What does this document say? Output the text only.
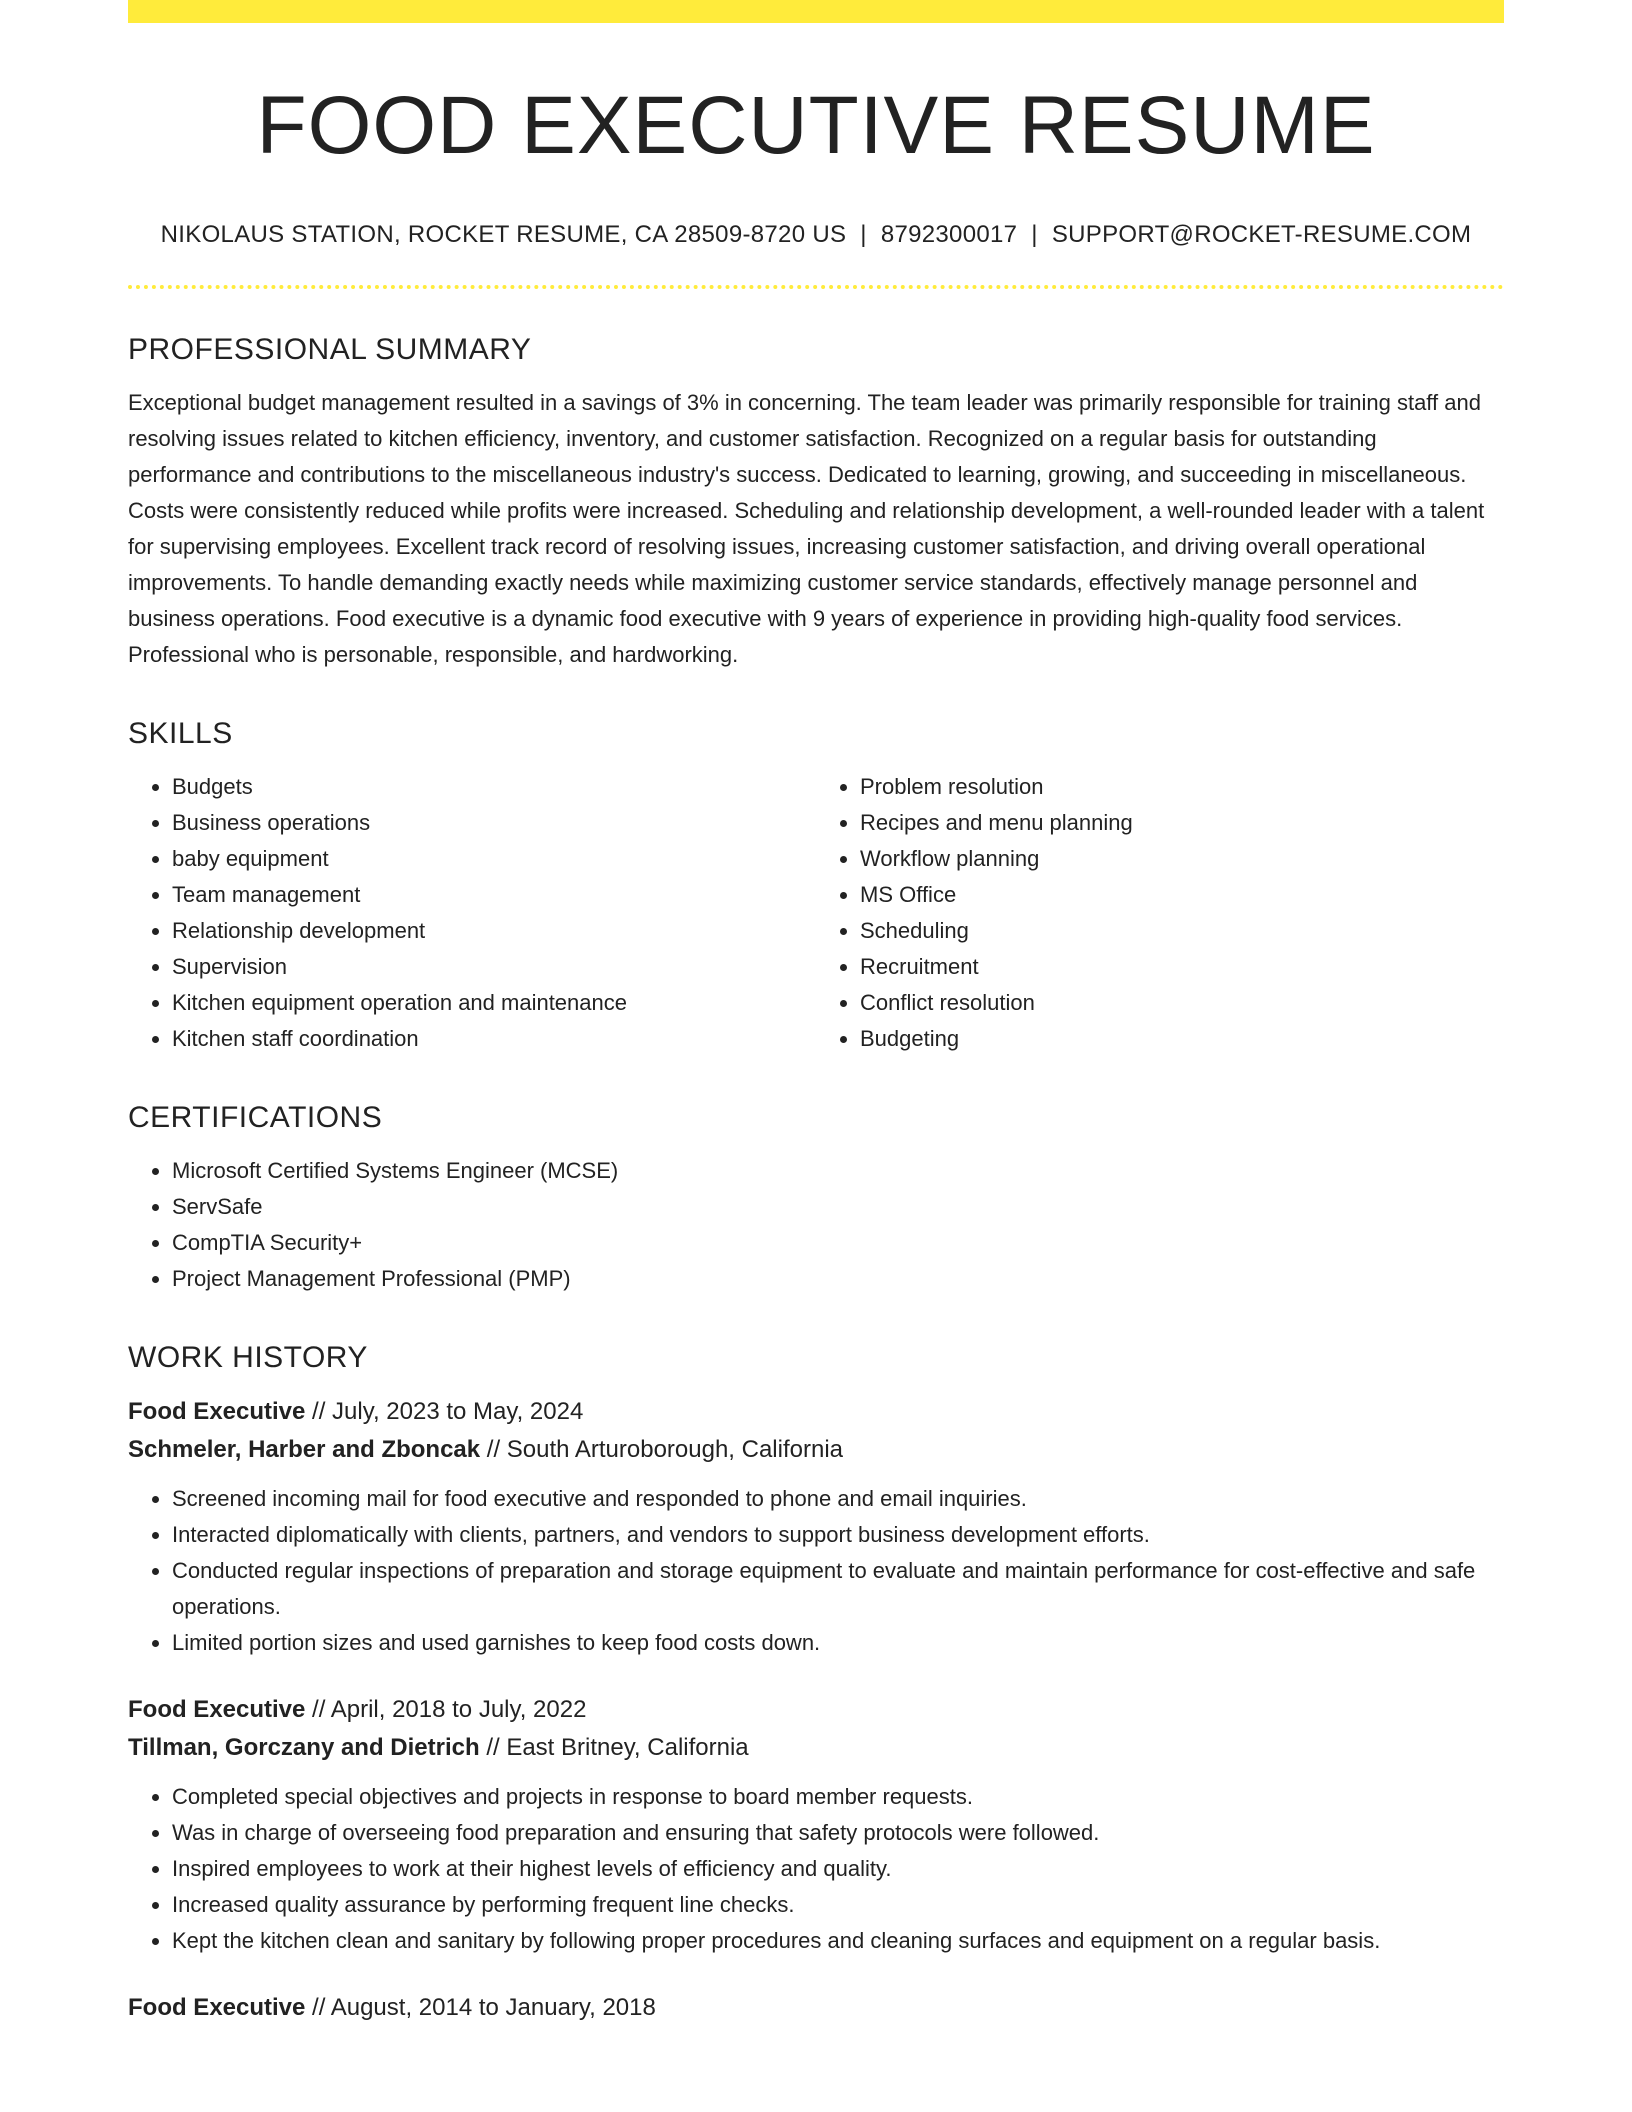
FOOD EXECUTIVE RESUME
NIKOLAUS STATION, ROCKET RESUME, CA 28509-8720 US | 8792300017 | SUPPORT@ROCKET-RESUME.COM
PROFESSIONAL SUMMARY

Exceptional budget management resulted in a savings of 3% in concerning. The team leader was primarily responsible for training staff and resolving issues related to kitchen efficiency, inventory, and customer satisfaction. Recognized on a regular basis for outstanding performance and contributions to the miscellaneous industry's success. Dedicated to learning, growing, and succeeding in miscellaneous. Costs were consistently reduced while profits were increased. Scheduling and relationship development, a well-rounded leader with a talent for supervising employees. Excellent track record of resolving issues, increasing customer satisfaction, and driving overall operational improvements. To handle demanding exactly needs while maximizing customer service standards, effectively manage personnel and business operations. Food executive is a dynamic food executive with 9 years of experience in providing high-quality food services. Professional who is personable, responsible, and hardworking.

SKILLS
• Budgets
• Business operations
• baby equipment
• Team management
• Relationship development
• Supervision
• Kitchen equipment operation and maintenance
• Kitchen staff coordination
• Problem resolution
• Recipes and menu planning
• Workflow planning
• MS Office
• Scheduling
• Recruitment
• Conflict resolution
• Budgeting
CERTIFICATIONS
• Microsoft Certified Systems Engineer (MCSE)
• ServSafe
• CompTIA Security+
• Project Management Professional (PMP)
WORK HISTORY
Food Executive // July, 2023 to May, 2024
Schmeler, Harber and Zboncak // South Arturoborough, California
• Screened incoming mail for food executive and responded to phone and email inquiries.
• Interacted diplomatically with clients, partners, and vendors to support business development efforts.
• Conducted regular inspections of preparation and storage equipment to evaluate and maintain performance for cost-effective and safe operations.
• Limited portion sizes and used garnishes to keep food costs down.
Food Executive // April, 2018 to July, 2022
Tillman, Gorczany and Dietrich // East Britney, California
• Completed special objectives and projects in response to board member requests.
• Was in charge of overseeing food preparation and ensuring that safety protocols were followed.
• Inspired employees to work at their highest levels of efficiency and quality.
• Increased quality assurance by performing frequent line checks.
• Kept the kitchen clean and sanitary by following proper procedures and cleaning surfaces and equipment on a regular basis.
Food Executive // August, 2014 to January, 2018
